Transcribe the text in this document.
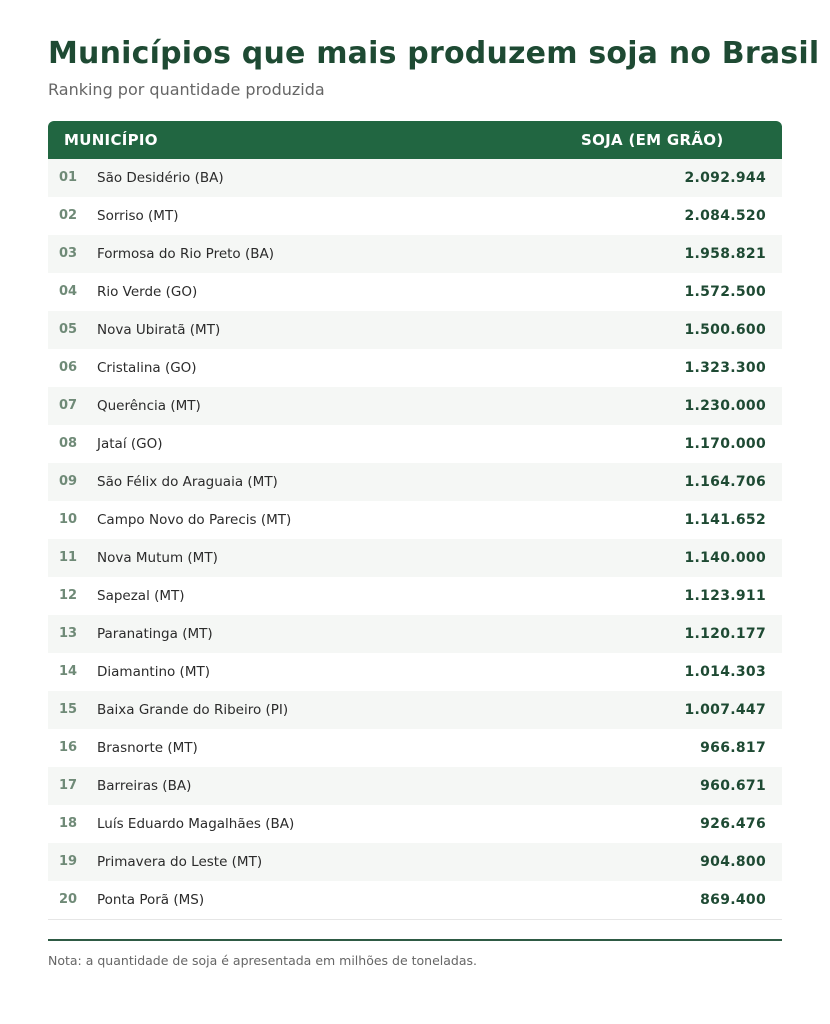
Municípios que mais produzem soja no Brasil

Ranking por quantidade produzida

MUNICÍPIO	SOJA (EM GRÃO)
01 São Desidério (BA)	2.092.944
02 Sorriso (MT)	2.084.520
03 Formosa do Rio Preto (BA)	1.958.821
04 Rio Verde (GO)	1.572.500
05 Nova Ubiratã (MT)	1.500.600
06 Cristalina (GO)	1.323.300
07 Querência (MT)	1.230.000
08 Jataí (GO)	1.170.000
09 São Félix do Araguaia (MT)	1.164.706
10 Campo Novo do Parecis (MT)	1.141.652
11 Nova Mutum (MT)	1.140.000
12 Sapezal (MT)	1.123.911
13 Paranatinga (MT)	1.120.177
14 Diamantino (MT)	1.014.303
15 Baixa Grande do Ribeiro (PI)	1.007.447
16 Brasnorte (MT)	966.817
17 Barreiras (BA)	960.671
18 Luís Eduardo Magalhães (BA)	926.476
19 Primavera do Leste (MT)	904.800
20 Ponta Porã (MS)	869.400
Nota: a quantidade de soja é apresentada em milhões de toneladas.
